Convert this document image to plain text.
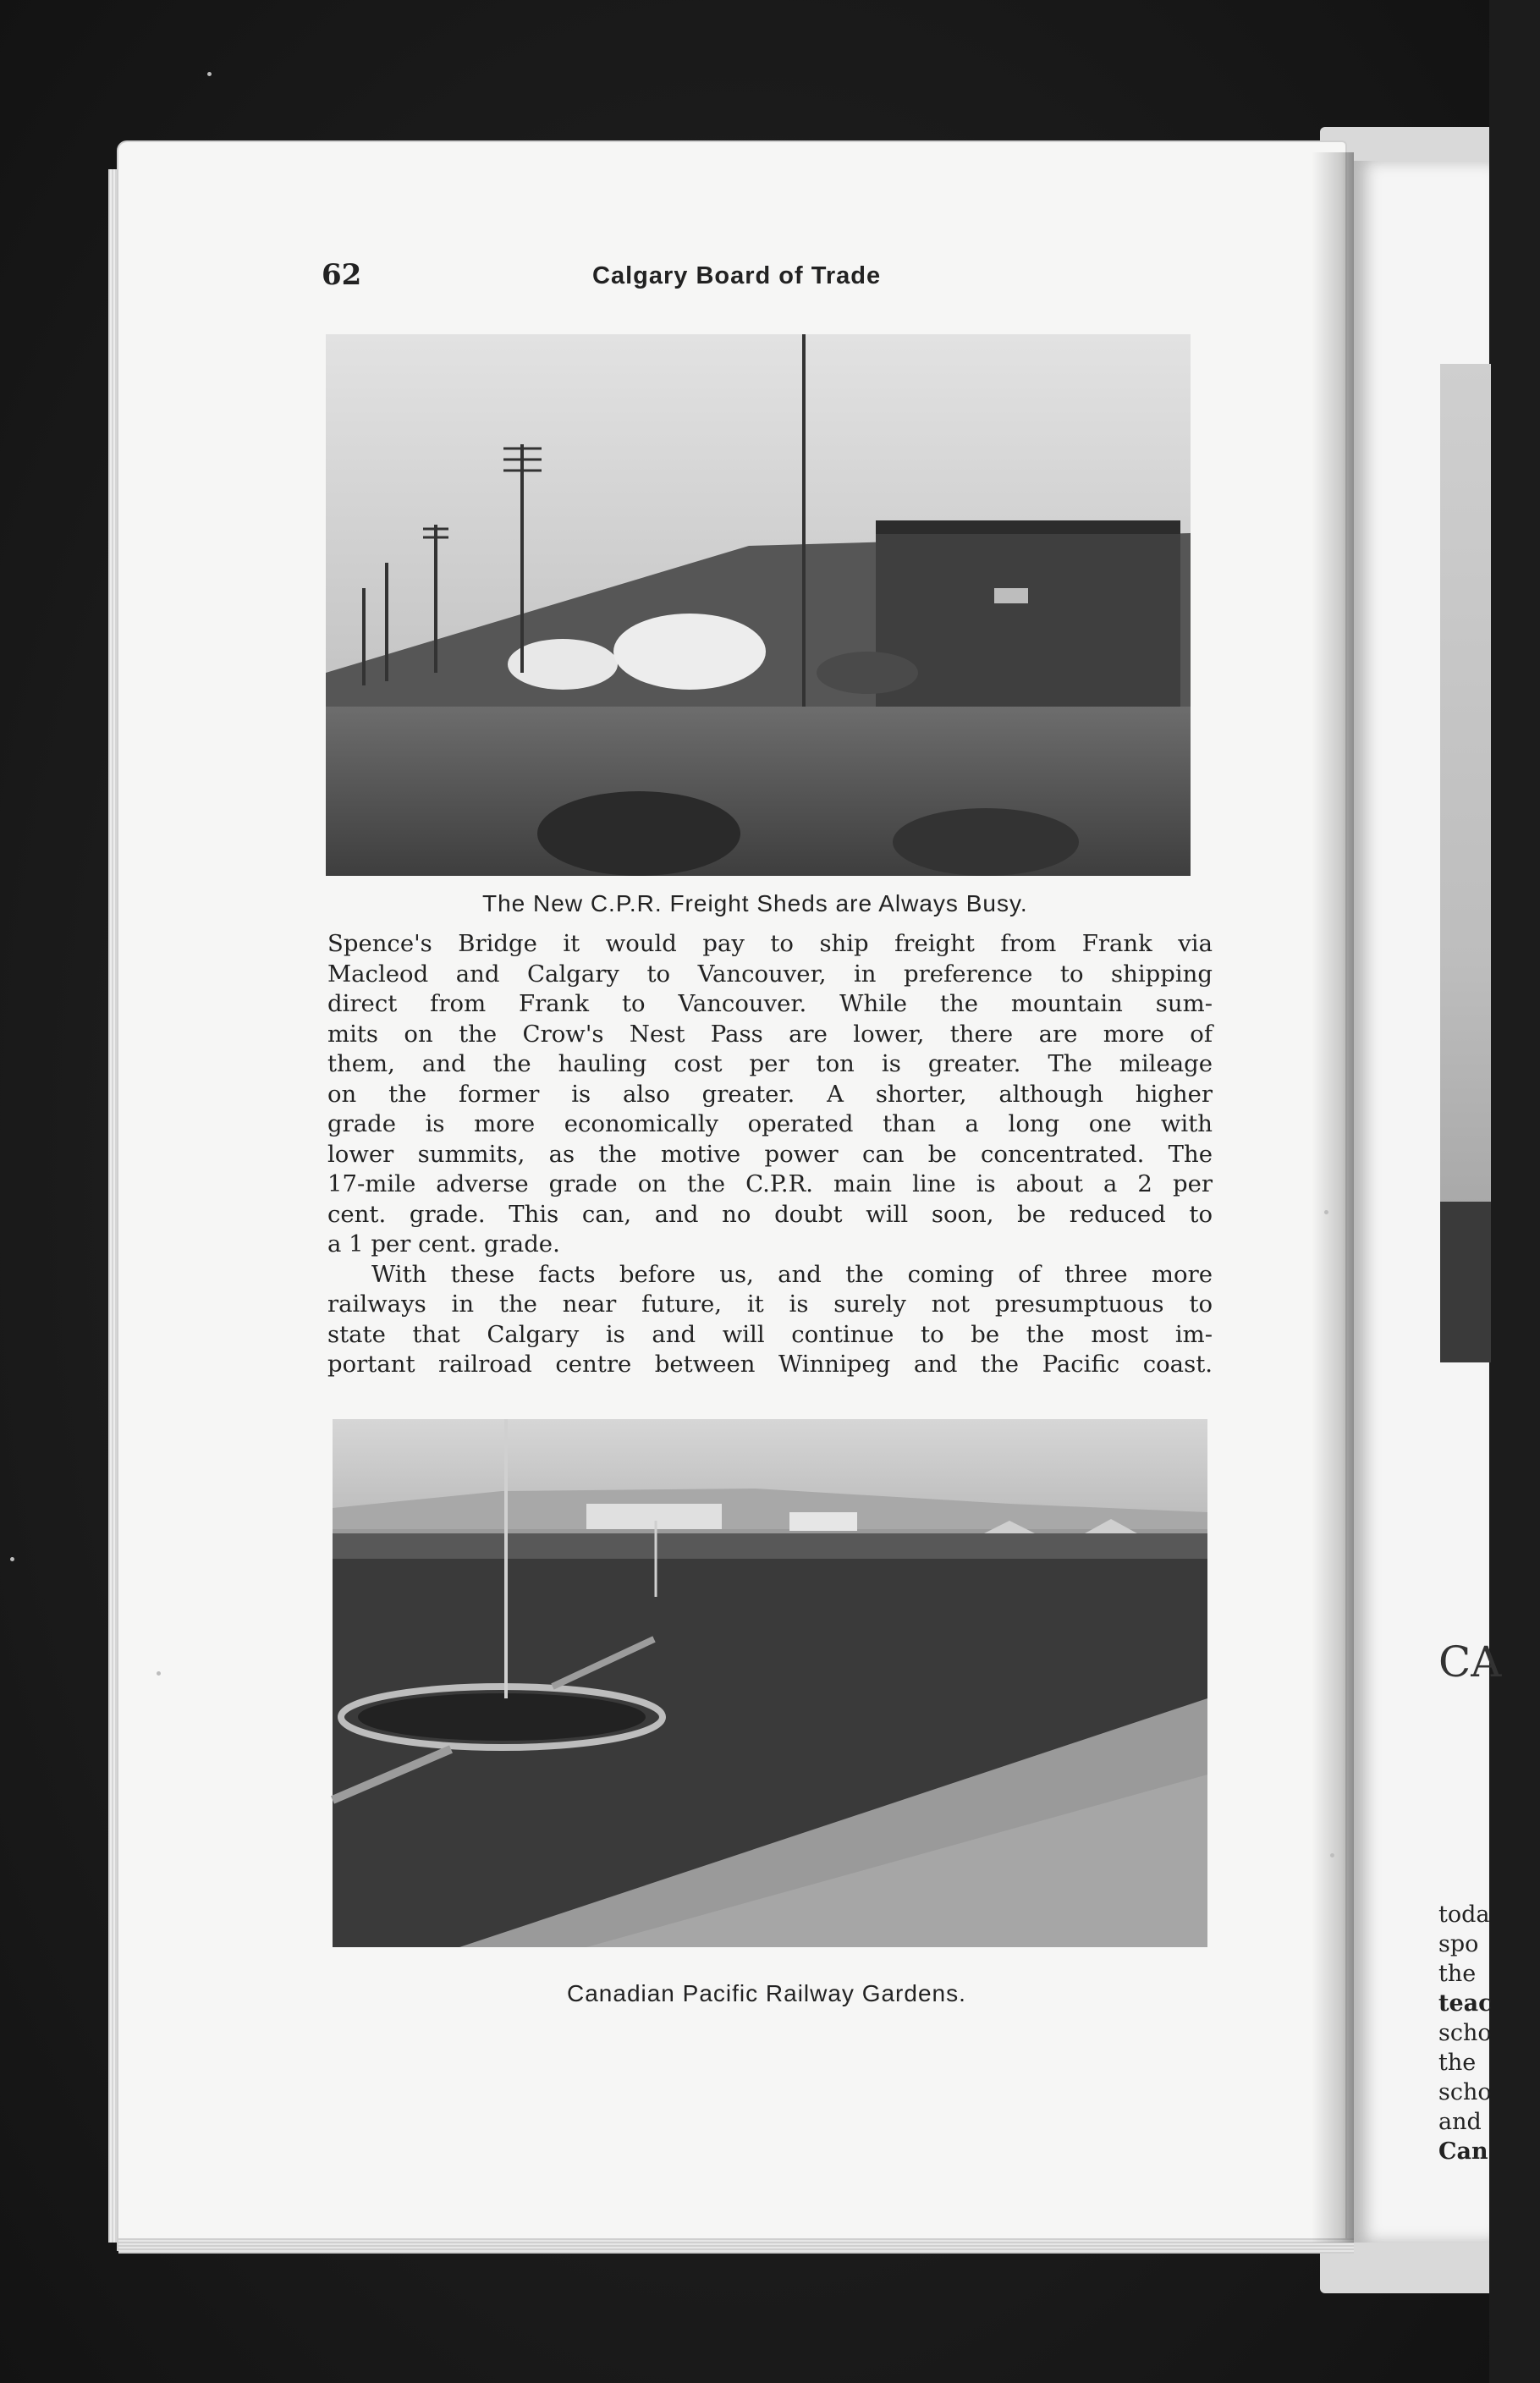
CA
toda
spo
the
teac
scho
the
scho
and
Can
62	Calgary Board of Trade
The New C.P.R. Freight Sheds are Always Busy.
Spence's Bridge it would pay to ship freight from Frank via
Macleod and Calgary to Vancouver, in preference to shipping
direct from Frank to Vancouver. While the mountain sum-
mits on the Crow's Nest Pass are lower, there are more of
them, and the hauling cost per ton is greater. The mileage
on the former is also greater. A shorter, although higher
grade is more economically operated than a long one with
lower summits, as the motive power can be concentrated. The
17-mile adverse grade on the C.P.R. main line is about a 2 per
cent. grade. This can, and no doubt will soon, be reduced to
a 1 per cent. grade.
With these facts before us, and the coming of three more
railways in the near future, it is surely not presumptuous to
state that Calgary is and will continue to be the most im-
portant railroad centre between Winnipeg and the Pacific coast.
Canadian Pacific Railway Gardens.
